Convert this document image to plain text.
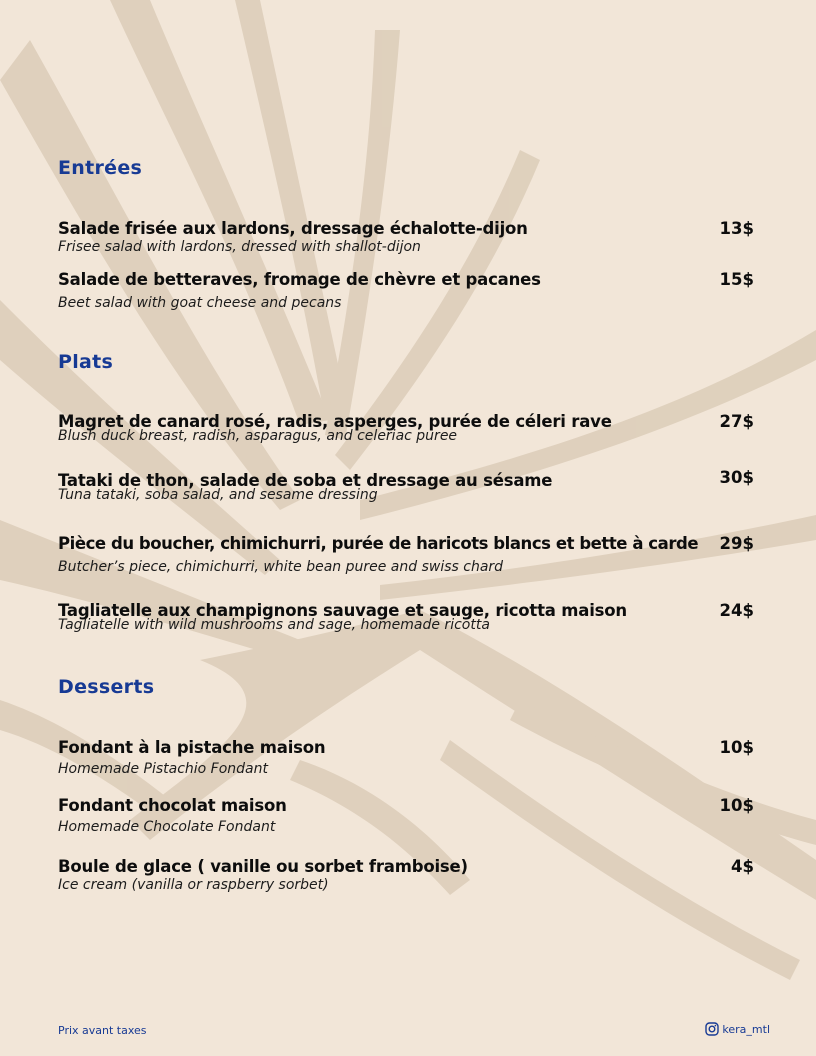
Entrées
Salade frisée aux lardons, dressage échalotte-dijon
Frisee salad with lardons, dressed with shallot-dijon
13$
Salade de betteraves, fromage de chèvre et pacanes
Beet salad with goat cheese and pecans
15$
Plats
Magret de canard rosé, radis, asperges, purée de céleri rave
Blush duck breast, radish, asparagus, and celeriac puree
27$
Tataki de thon, salade de soba et dressage au sésame
Tuna tataki, soba salad, and sesame dressing
30$
Pièce du boucher, chimichurri, purée de haricots blancs et bette à carde
Butcher’s piece, chimichurri, white bean puree and swiss chard
29$
Tagliatelle aux champignons sauvage et sauge, ricotta maison
Tagliatelle with wild mushrooms and sage, homemade ricotta
24$
Desserts
Fondant à la pistache maison
Homemade Pistachio Fondant
10$
Fondant chocolat maison
Homemade Chocolate Fondant
10$
Boule de glace ( vanille ou sorbet framboise)
Ice cream (vanilla or raspberry sorbet)
4$
Prix avant taxes	kera_mtl
